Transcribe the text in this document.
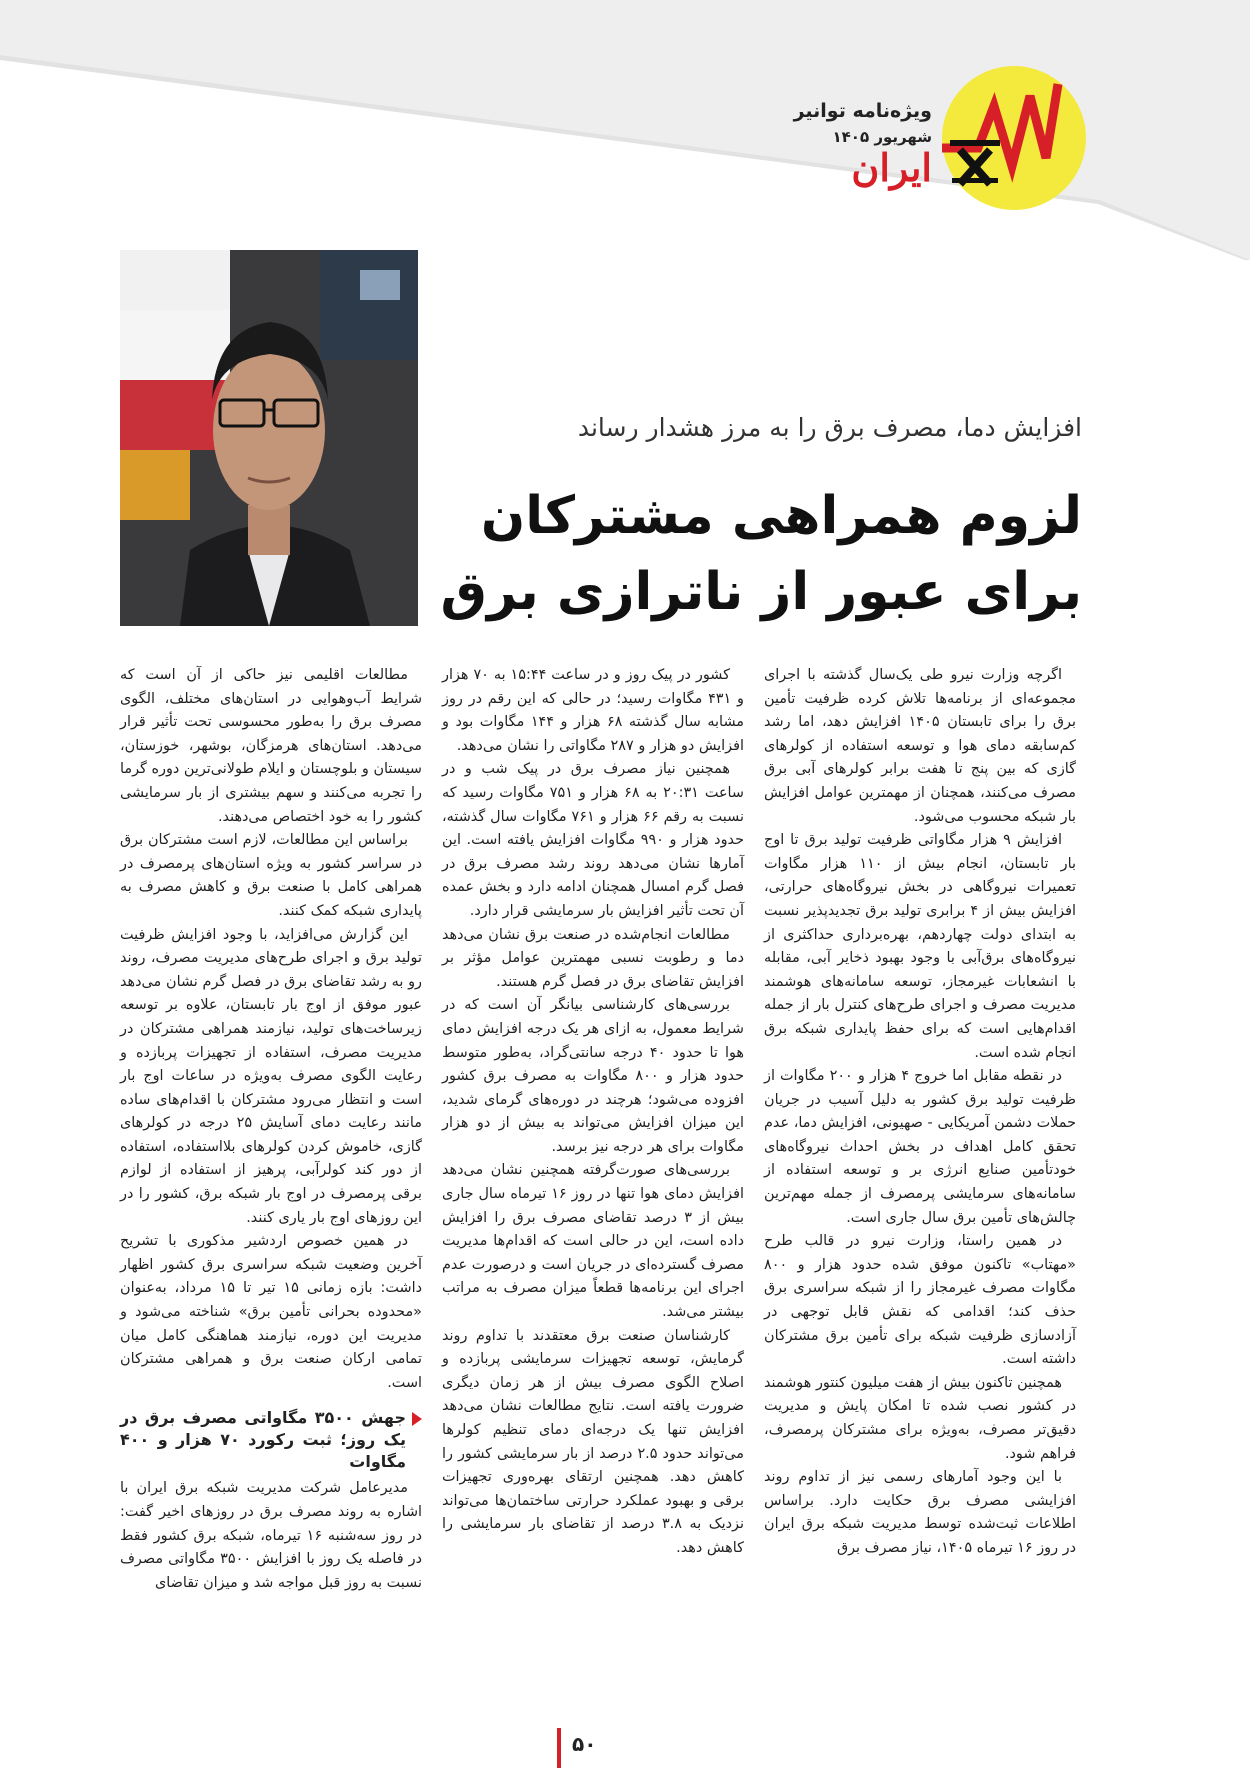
ویژه‌نامه توانیر
شهریور ۱۴۰۵
ایران
افزایش دما، مصرف برق را به مرز هشدار رساند
لزوم همراهی مشترکان
برای عبور از ناترازی برق

اگرچه وزارت نیرو طی یک‌سال گذشته با اجرای مجموعه‌ای از برنامه‌ها تلاش کرده ظرفیت تأمین برق را برای تابستان ۱۴۰۵ افزایش دهد، اما رشد کم‌سابقه دمای هوا و توسعه استفاده از کولرهای گازی که بین پنج تا هفت برابر کولرهای آبی برق مصرف می‌کنند، همچنان از مهمترین عوامل افزایش بار شبکه محسوب می‌شود.

افزایش ۹ هزار مگاواتی ظرفیت تولید برق تا اوج بار تابستان، انجام بیش از ۱۱۰ هزار مگاوات تعمیرات نیروگاهی در بخش نیروگاه‌های حرارتی، افزایش بیش از ۴ برابری تولید برق تجدیدپذیر نسبت به ابتدای دولت چهاردهم، بهره‌برداری حداکثری از نیروگاه‌های برق‌آبی با وجود بهبود ذخایر آبی، مقابله با انشعابات غیرمجاز، توسعه سامانه‌های هوشمند مدیریت مصرف و اجرای طرح‌های کنترل بار از جمله اقدام‌هایی است که برای حفظ پایداری شبکه برق انجام شده است.

در نقطه مقابل اما خروج ۴ هزار و ۲۰۰ مگاوات از ظرفیت تولید برق کشور به دلیل آسیب در جریان حملات دشمن آمریکایی - صهیونی، افزایش دما، عدم تحقق کامل اهداف در بخش احداث نیروگاه‌های خودتأمین صنایع انرژی بر و توسعه استفاده از سامانه‌های سرمایشی پرمصرف از جمله مهم‌ترین چالش‌های تأمین برق سال جاری است.

در همین راستا، وزارت نیرو در قالب طرح «مهتاب» تاکنون موفق شده حدود هزار و ۸۰۰ مگاوات مصرف غیرمجاز را از شبکه سراسری برق حذف کند؛ اقدامی که نقش قابل توجهی در آزادسازی ظرفیت شبکه برای تأمین برق مشترکان داشته است.

همچنین تاکنون بیش از هفت میلیون کنتور هوشمند در کشور نصب شده تا امکان پایش و مدیریت دقیق‌تر مصرف، به‌ویژه برای مشترکان پرمصرف، فراهم شود.

با این وجود آمارهای رسمی نیز از تداوم روند افزایشی مصرف برق حکایت دارد. براساس اطلاعات ثبت‌شده توسط مدیریت شبکه برق ایران در روز ۱۶ تیرماه ۱۴۰۵، نیاز مصرف برق

کشور در پیک روز و در ساعت ۱۵:۴۴ به ۷۰ هزار و ۴۳۱ مگاوات رسید؛ در حالی که این رقم در روز مشابه سال گذشته ۶۸ هزار و ۱۴۴ مگاوات بود و افزایش دو هزار و ۲۸۷ مگاواتی را نشان می‌دهد.

همچنین نیاز مصرف برق در پیک شب و در ساعت ۲۰:۳۱ به ۶۸ هزار و ۷۵۱ مگاوات رسید که نسبت به رقم ۶۶ هزار و ۷۶۱ مگاوات سال گذشته، حدود هزار و ۹۹۰ مگاوات افزایش یافته است. این آمارها نشان می‌دهد روند رشد مصرف برق در فصل گرم امسال همچنان ادامه دارد و بخش عمده آن تحت تأثیر افزایش بار سرمایشی قرار دارد.

مطالعات انجام‌شده در صنعت برق نشان می‌دهد دما و رطوبت نسبی مهمترین عوامل مؤثر بر افزایش تقاضای برق در فصل گرم هستند.

بررسی‌های کارشناسی بیانگر آن است که در شرایط معمول، به ازای هر یک درجه افزایش دمای هوا تا حدود ۴۰ درجه سانتی‌گراد، به‌طور متوسط حدود هزار و ۸۰۰ مگاوات به مصرف برق کشور افزوده می‌شود؛ هرچند در دوره‌های گرمای شدید، این میزان افزایش می‌تواند به بیش از دو هزار مگاوات برای هر درجه نیز برسد.

بررسی‌های صورت‌گرفته همچنین نشان می‌دهد افزایش دمای هوا تنها در روز ۱۶ تیرماه سال جاری بیش از ۳ درصد تقاضای مصرف برق را افزایش داده است، این در حالی است که اقدام‌ها مدیریت مصرف گسترده‌ای در جریان است و درصورت عدم اجرای این برنامه‌ها قطعاً میزان مصرف به مراتب بیشتر می‌شد.

کارشناسان صنعت برق معتقدند با تداوم روند گرمایش، توسعه تجهیزات سرمایشی پربازده و اصلاح الگوی مصرف بیش از هر زمان دیگری ضرورت یافته است. نتایج مطالعات نشان می‌دهد افزایش تنها یک درجه‌ای دمای تنظیم کولرها می‌تواند حدود ۲.۵ درصد از بار سرمایشی کشور را کاهش دهد. همچنین ارتقای بهره‌وری تجهیزات برقی و بهبود عملکرد حرارتی ساختمان‌ها می‌تواند نزدیک به ۳.۸ درصد از تقاضای بار سرمایشی را کاهش دهد.

مطالعات اقلیمی نیز حاکی از آن است که شرایط آب‌وهوایی در استان‌های مختلف، الگوی مصرف برق را به‌طور محسوسی تحت تأثیر قرار می‌دهد. استان‌های هرمزگان، بوشهر، خوزستان، سیستان و بلوچستان و ایلام طولانی‌ترین دوره گرما را تجربه می‌کنند و سهم بیشتری از بار سرمایشی کشور را به خود اختصاص می‌دهند.

براساس این مطالعات، لازم است مشترکان برق در سراسر کشور به ویژه استان‌های پرمصرف در همراهی کامل با صنعت برق و کاهش مصرف به پایداری شبکه کمک کنند.

این گزارش می‌افزاید، با وجود افزایش ظرفیت تولید برق و اجرای طرح‌های مدیریت مصرف، روند رو به رشد تقاضای برق در فصل گرم نشان می‌دهد عبور موفق از اوج بار تابستان، علاوه بر توسعه زیرساخت‌های تولید، نیازمند همراهی مشترکان در مدیریت مصرف، استفاده از تجهیزات پربازده و رعایت الگوی مصرف به‌ویژه در ساعات اوج بار است و انتظار می‌رود مشترکان با اقدام‌های ساده مانند رعایت دمای آسایش ۲۵ درجه در کولرهای گازی، خاموش کردن کولرهای بلااستفاده، استفاده از دور کند کولرآبی، پرهیز از استفاده از لوازم برقی پرمصرف در اوج بار شبکه برق، کشور را در این روزهای اوج بار یاری کنند.

در همین خصوص اردشیر مذکوری با تشریح آخرین وضعیت شبکه سراسری برق کشور اظهار داشت: بازه زمانی ۱۵ تیر تا ۱۵ مرداد، به‌عنوان «محدوده بحرانی تأمین برق» شناخته می‌شود و مدیریت این دوره، نیازمند هماهنگی کامل میان تمامی ارکان صنعت برق و همراهی مشترکان است.

جهش ۳۵۰۰ مگاواتی مصرف برق در یک روز؛ ثبت رکورد ۷۰ هزار و ۴۰۰ مگاوات

مدیرعامل شرکت مدیریت شبکه برق ایران با اشاره به روند مصرف برق در روزهای اخیر گفت: در روز سه‌شنبه ۱۶ تیرماه، شبکه برق کشور فقط در فاصله یک روز با افزایش ۳۵۰۰ مگاواتی مصرف نسبت به روز قبل مواجه شد و میزان تقاضای

۵۰
